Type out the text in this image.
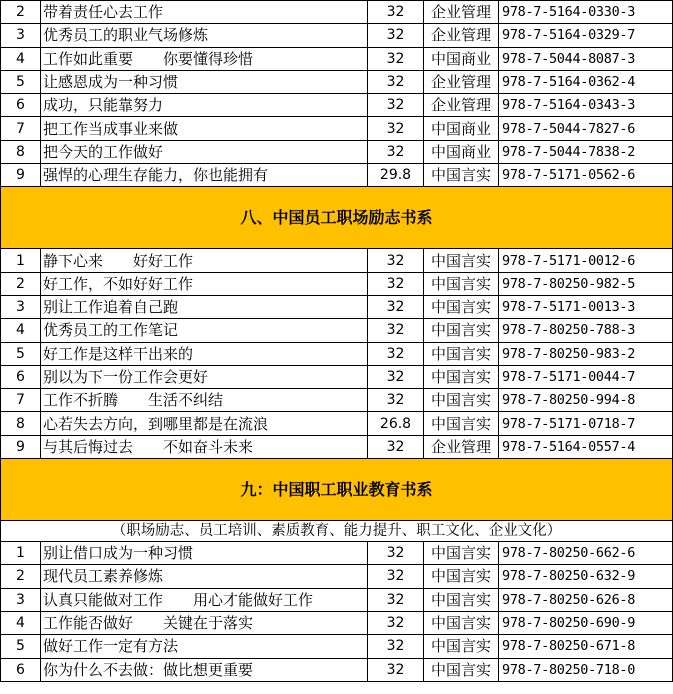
2	带着责任心去工作	32	企业管理	978-7-5164-0330-3
3	优秀员工的职业气场修炼	32	企业管理	978-7-5164-0329-7
4	工作如此重要　　你要懂得珍惜	32	中国商业	978-7-5044-8087-3
5	让感恩成为一种习惯	32	企业管理	978-7-5164-0362-4
6	成功，只能靠努力	32	企业管理	978-7-5164-0343-3
7	把工作当成事业来做	32	中国商业	978-7-5044-7827-6
8	把今天的工作做好	32	中国商业	978-7-5044-7838-2
9	强悍的心理生存能力，你也能拥有	29.8	中国言实	978-7-5171-0562-6
八、中国员工职场励志书系				
1	静下心来　　好好工作	32	中国言实	978-7-5171-0012-6
2	好工作，不如好好工作	32	中国言实	978-7-80250-982-5
3	别让工作追着自己跑	32	中国言实	978-7-5171-0013-3
4	优秀员工的工作笔记	32	中国言实	978-7-80250-788-3
5	好工作是这样干出来的	32	中国言实	978-7-80250-983-2
6	别以为下一份工作会更好	32	中国言实	978-7-5171-0044-7
7	工作不折腾　　生活不纠结	32	中国言实	978-7-80250-994-8
8	心若失去方向，到哪里都是在流浪	26.8	中国言实	978-7-5171-0718-7
9	与其后悔过去　　不如奋斗未来	32	企业管理	978-7-5164-0557-4
九：中国职工职业教育书系				
（职场励志、员工培训、素质教育、能力提升、职工文化、企业文化）				
1	别让借口成为一种习惯	32	中国言实	978-7-80250-662-6
2	现代员工素养修炼	32	中国言实	978-7-80250-632-9
3	认真只能做对工作　　用心才能做好工作	32	中国言实	978-7-80250-626-8
4	工作能否做好　　关键在于落实	32	中国言实	978-7-80250-690-9
5	做好工作一定有方法	32	中国言实	978-7-80250-671-8
6	你为什么不去做：做比想更重要	32	中国言实	978-7-80250-718-0
